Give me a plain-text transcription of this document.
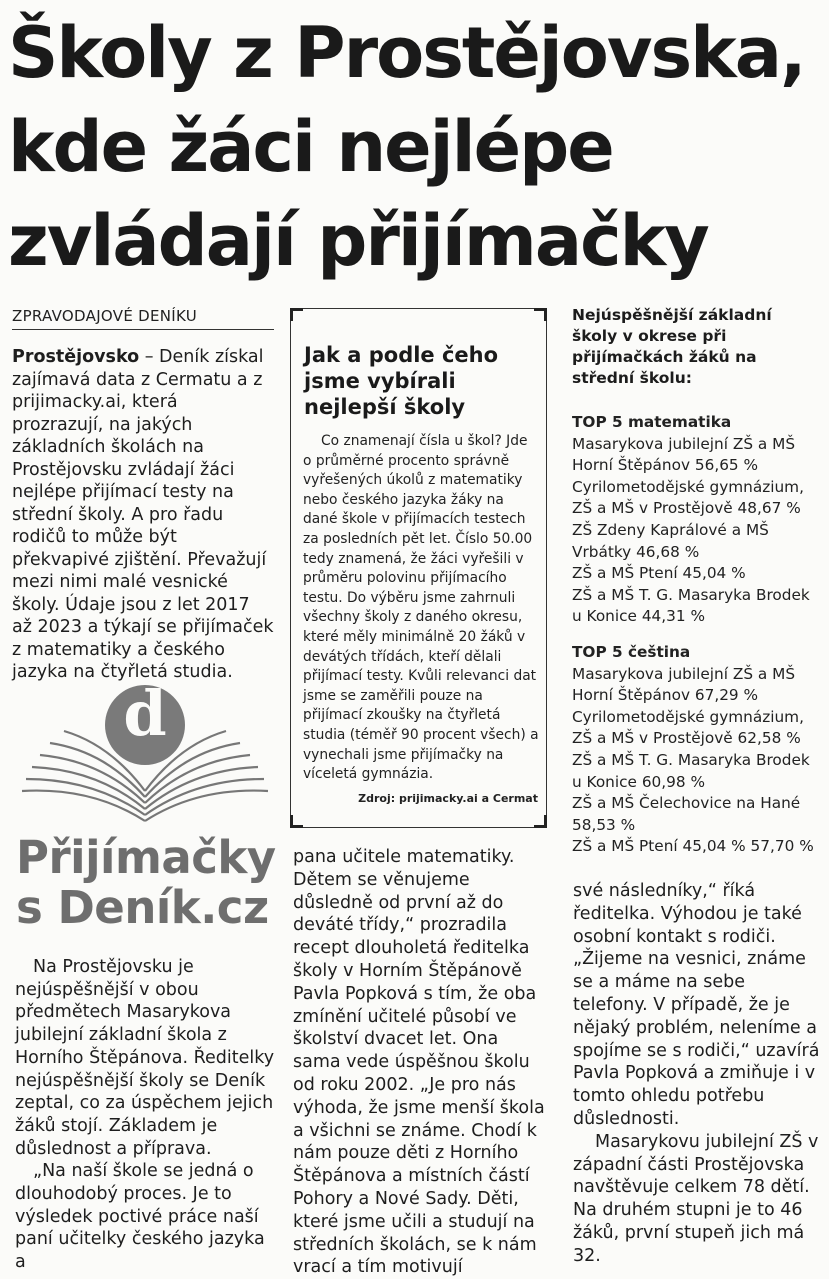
Školy z Prostějovska,
kde žáci nejlépe
zvládají přijímačky
ZPRAVODAJOVÉ DENÍKU
Prostějovsko – Deník získal zajímavá data z Cermatu a z prijimacky.ai, která prozrazují, na jakých základních školách na Prostějovsku zvládají žáci nejlépe přijímací testy na střední školy. A pro řadu rodičů to může být překvapivé zjištění. Převažují mezi nimi malé vesnické školy. Údaje jsou z let 2017 až 2023 a týkají se přijímaček z matematiky a českého jazyka na čtyřletá studia.
d
Přijímačky
s Deník.cz

Na Prostějovsku je nejúspěšnější v obou předmětech Masarykova jubilejní základní škola z Horního Štěpánova. Ředitelky nejúspěšnější školy se Deník zeptal, co za úspěchem jejich žáků stojí. Základem je důslednost a příprava.

„Na naší škole se jedná o dlouhodobý proces. Je to výsledek poctivé práce naší paní učitelky českého jazyka a

Jak a podle čeho jsme vybírali nejlepší školy

Co znamenají čísla u škol? Jde o průměrné procento správně vyřešených úkolů z matematiky nebo českého jazyka žáky na dané škole v přijímacích testech za posledních pět let. Číslo 50.00 tedy znamená, že žáci vyřešili v průměru polovinu přijímacího testu. Do výběru jsme zahrnuli všechny školy z daného okresu, které měly minimálně 20 žáků v devátých třídách, kteří dělali přijímací testy. Kvůli relevanci dat jsme se zaměřili pouze na přijímací zkoušky na čtyřletá studia (téměř 90 procent všech) a vynechali jsme přijímačky na víceletá gymnázia.

Zdroj: prijimacky.ai a Cermat

pana učitele matematiky. Dětem se věnujeme důsledně od první až do deváté třídy,“ prozradila recept dlouholetá ředitelka školy v Horním Štěpánově Pavla Popková s tím, že oba zmínění učitelé působí ve školství dvacet let. Ona sama vede úspěšnou školu od roku 2002. „Je pro nás výhoda, že jsme menší škola a všichni se známe. Chodí k nám pouze děti z Horního Štěpánova a místních částí Pohory a Nové Sady. Děti, které jsme učili a studují na středních školách, se k nám vrací a tím motivují

Nejúspěšnější základní školy v okrese při přijímačkách žáků na střední školu:
TOP 5 matematika
Masarykova jubilejní ZŠ a MŠ Horní Štěpánov 56,65 %
Cyrilometodějské gymnázium, ZŠ a MŠ v Prostějově 48,67 %
ZŠ Zdeny Kaprálové a MŠ Vrbátky 46,68 %
ZŠ a MŠ Ptení 45,04 %
ZŠ a MŠ T. G. Masaryka Brodek u Konice 44,31 %
TOP 5 čeština
Masarykova jubilejní ZŠ a MŠ Horní Štěpánov 67,29 %
Cyrilometodějské gymnázium, ZŠ a MŠ v Prostějově 62,58 %
ZŠ a MŠ T. G. Masaryka Brodek u Konice 60,98 %
ZŠ a MŠ Čelechovice na Hané 58,53 %
ZŠ a MŠ Ptení 45,04 % 57,70 %

své následníky,“ říká ředitelka. Výhodou je také osobní kontakt s rodiči. „Žijeme na vesnici, známe se a máme na sebe telefony. V případě, že je nějaký problém, neleníme a spojíme se s rodiči,“ uzavírá Pavla Popková a zmiňuje i v tomto ohledu potřebu důslednosti.

Masarykovu jubilejní ZŠ v západní části Prostějovska navštěvuje celkem 78 dětí. Na druhém stupni je to 46 žáků, první stupeň jich má 32.
